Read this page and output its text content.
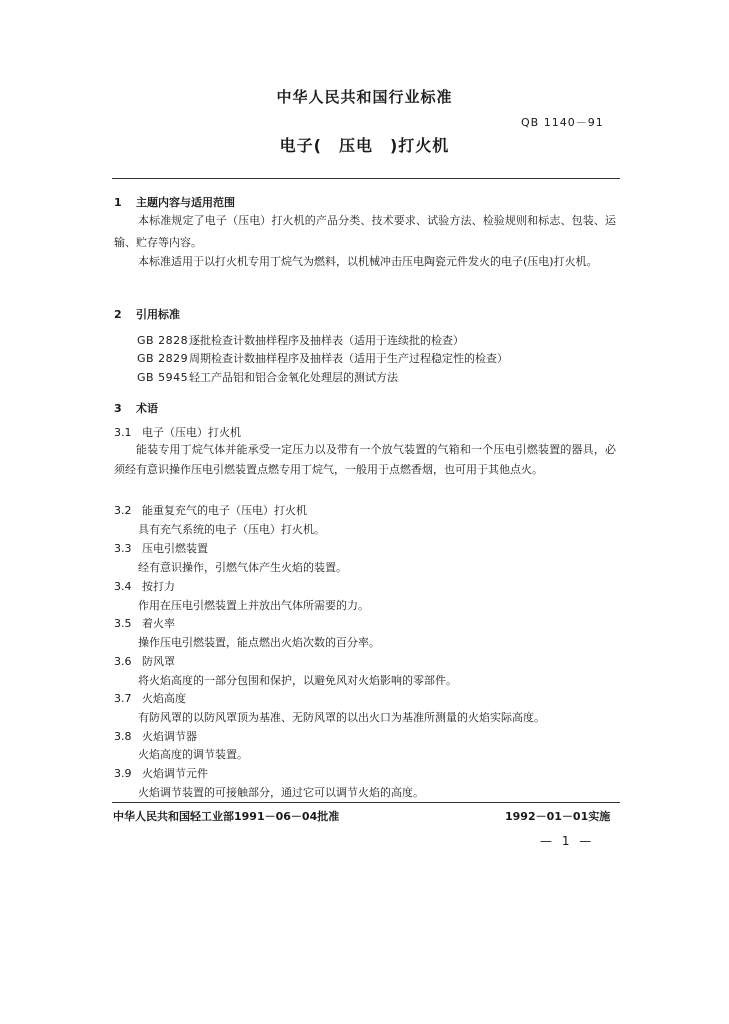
中华人民共和国行业标准
QB 1140－91
电子(　压电　)打火机
1 主题内容与适用范围
本标准规定了电子（压电）打火机的产品分类、技术要求、试验方法、检验规则和标志、包装、运输、贮存等内容。
本标准适用于以打火机专用丁烷气为燃料，以机械冲击压电陶瓷元件发火的电子(压电)打火机。
2 引用标准
GB 2828逐批检查计数抽样程序及抽样表（适用于连续批的检查）
GB 2829周期检查计数抽样程序及抽样表（适用于生产过程稳定性的检查）
GB 5945轻工产品铝和铝合金氧化处理层的测试方法
3 术语
3.1 电子（压电）打火机
能装专用丁烷气体并能承受一定压力以及带有一个放气装置的气箱和一个压电引燃装置的器具，必须经有意识操作压电引燃装置点燃专用丁烷气，一般用于点燃香烟，也可用于其他点火。
3.2 能重复充气的电子（压电）打火机
具有充气系统的电子（压电）打火机。
3.3 压电引燃装置
经有意识操作，引燃气体产生火焰的装置。
3.4 按打力
作用在压电引燃装置上并放出气体所需要的力。
3.5 着火率
操作压电引燃装置，能点燃出火焰次数的百分率。
3.6 防风罩
将火焰高度的一部分包围和保护，以避免风对火焰影响的零部件。
3.7 火焰高度
有防风罩的以防风罩顶为基准、无防风罩的以出火口为基准所测量的火焰实际高度。
3.8 火焰调节器
火焰高度的调节装置。
3.9 火焰调节元件
火焰调节装置的可接触部分，通过它可以调节火焰的高度。
中华人民共和国轻工业部1991－06－04批准	1992－01－01实施
— 1 —
